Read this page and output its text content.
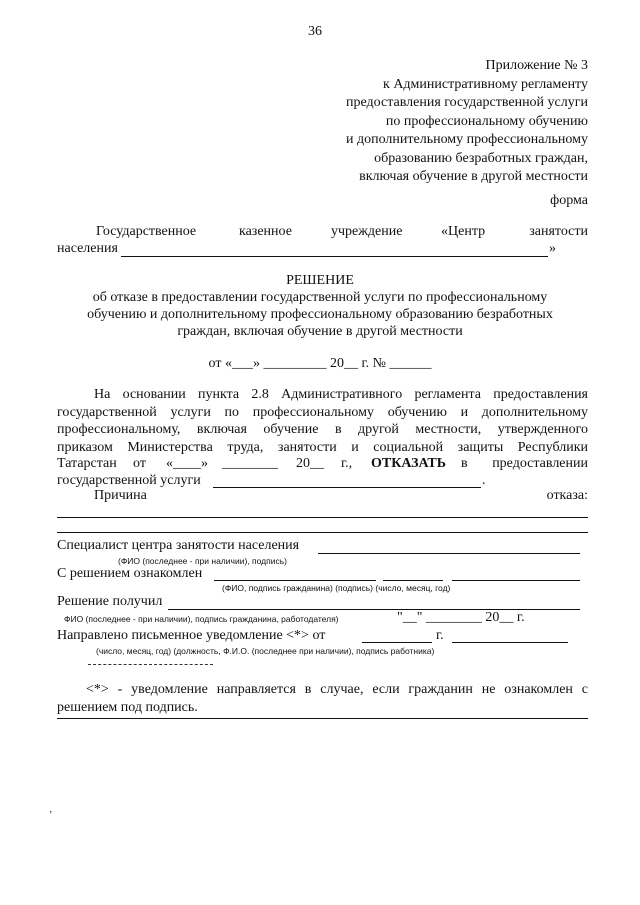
36
Приложение № 3
к Административному регламенту
предоставления государственной услуги
по профессиональному обучению
и дополнительному профессиональному
образованию безработных граждан,
включая обучение в другой местности
форма
Государственное	казенное	учреждение	«Центр	занятости
населения	»
РЕШЕНИЕ
об отказе в предоставлении государственной услуги по профессиональному
обучению и дополнительному профессиональному образованию безработных
граждан, включая обучение в другой местности
от «___» _________ 20__ г. № ______
На основании пункта 2.8 Административного регламента предоставления
государственной услуги по профессиональному обучению и дополнительному
профессиональному, включая обучение в другой местности, утвержденного
приказом Министерства труда, занятости и социальной защиты Республики
Татарстан от «____» ________ 20__ г., ОТКАЗАТЬ в предоставлении
государственной услуги	.
Причина	отказа:
Специалист центра занятости населения
(ФИО (последнее - при наличии), подпись)
С решением ознакомлен
(ФИО, подпись гражданина) (подпись) (число, месяц, год)
Решение получил
ФИО (последнее - при наличии), подпись гражданина, работодателя)	"__" ________ 20__ г.
Направлено письменное уведомление <*> от	г.
(число, месяц, год) (должность, Ф.И.О. (последнее при наличии), подпись работника)
<*> - уведомление направляется в случае, если гражданин не ознакомлен с
решением под подпись.
ʼ
